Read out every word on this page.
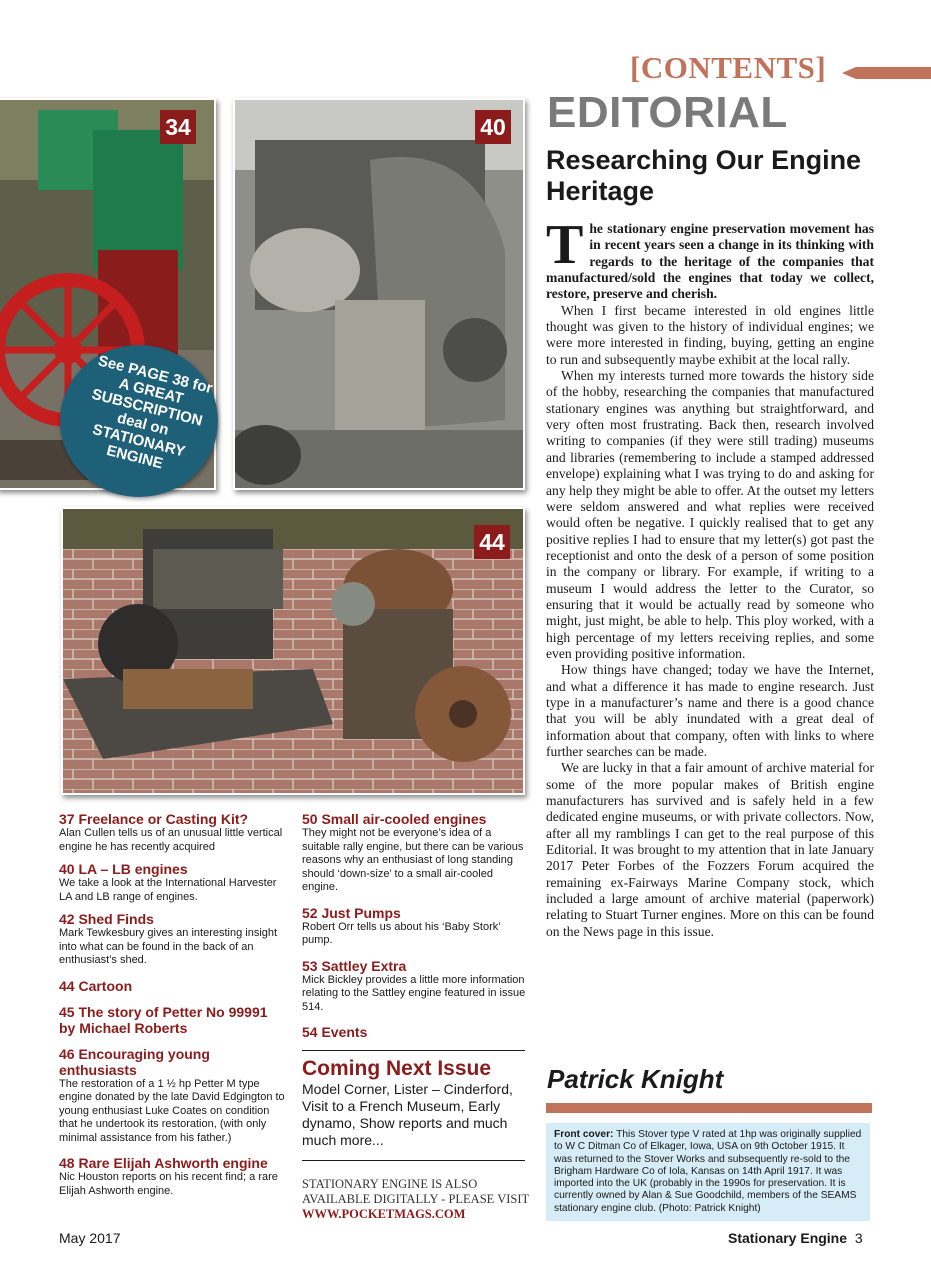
[CONTENTS]
EDITORIAL
Researching Our Engine Heritage

The stationary engine preservation movement has in recent years seen a change in its thinking with regards to the heritage of the companies that manufactured/sold the engines that today we collect, restore, preserve and cherish.

When I first became interested in old engines little thought was given to the history of individual engines; we were more interested in finding, buying, getting an engine to run and subsequently maybe exhibit at the local rally.

When my interests turned more towards the history side of the hobby, researching the companies that manufactured stationary engines was anything but straightforward, and very often most frustrating. Back then, research involved writing to companies (if they were still trading) museums and libraries (remembering to include a stamped addressed envelope) explaining what I was trying to do and asking for any help they might be able to offer. At the outset my letters were seldom answered and what replies were received would often be negative. I quickly realised that to get any positive replies I had to ensure that my letter(s) got past the receptionist and onto the desk of a person of some position in the company or library. For example, if writing to a museum I would address the letter to the Curator, so ensuring that it would be actually read by someone who might, just might, be able to help. This ploy worked, with a high percentage of my letters receiving replies, and some even providing positive information.

How things have changed; today we have the Internet, and what a difference it has made to engine research. Just type in a manufacturer’s name and there is a good chance that you will be ably inundated with a great deal of information about that company, often with links to where further searches can be made.

We are lucky in that a fair amount of archive material for some of the more popular makes of British engine manufacturers has survived and is safely held in a few dedicated engine museums, or with private collectors. Now, after all my ramblings I can get to the real purpose of this Editorial. It was brought to my attention that in late January 2017 Peter Forbes of the Fozzers Forum acquired the remaining ex-Fairways Marine Company stock, which included a large amount of archive material (paperwork) relating to Stuart Turner engines. More on this can be found on the News page in this issue.

Patrick Knight
Front cover: This Stover type V rated at 1hp was originally supplied to W C Ditman Co of Elkager, Iowa, USA on 9th October 1915. It was returned to the Stover Works and subsequently re-sold to the Brigham Hardware Co of Iola, Kansas on 14th April 1917. It was imported into the UK (probably in the 1990s for preservation. It is currently owned by Alan & Sue Goodchild, members of the SEAMS stationary engine club. (Photo: Patrick Knight)
34	40
See PAGE 38 for A GREAT SUBSCRIPTION deal on STATIONARY ENGINE
44
37 Freelance or Casting Kit?
Alan Cullen tells us of an unusual little vertical engine he has recently acquired
40 LA – LB engines
We take a look at the International Harvester LA and LB range of engines.
42 Shed Finds
Mark Tewkesbury gives an interesting insight into what can be found in the back of an enthusiast’s shed.
44 Cartoon
45 The story of Petter No 99991 by Michael Roberts
46 Encouraging young enthusiasts
The restoration of a 1 ½ hp Petter M type engine donated by the late David Edgington to young enthusiast Luke Coates on condition that he undertook its restoration, (with only minimal assistance from his father.)
48 Rare Elijah Ashworth engine
Nic Houston reports on his recent find; a rare Elijah Ashworth engine.
50 Small air-cooled engines
They might not be everyone’s idea of a suitable rally engine, but there can be various reasons why an enthusiast of long standing should ‘down-size’ to a small air-cooled engine.
52 Just Pumps
Robert Orr tells us about his ‘Baby Stork’ pump.
53 Sattley Extra
Mick Bickley provides a little more information relating to the Sattley engine featured in issue 514.
54 Events
Coming Next Issue
Model Corner, Lister – Cinderford, Visit to a French Museum, Early dynamo, Show reports and much much more...
STATIONARY ENGINE IS ALSO
AVAILABLE DIGITALLY - PLEASE VISIT
WWW.POCKETMAGS.COM
May 2017	Stationary Engine 3
